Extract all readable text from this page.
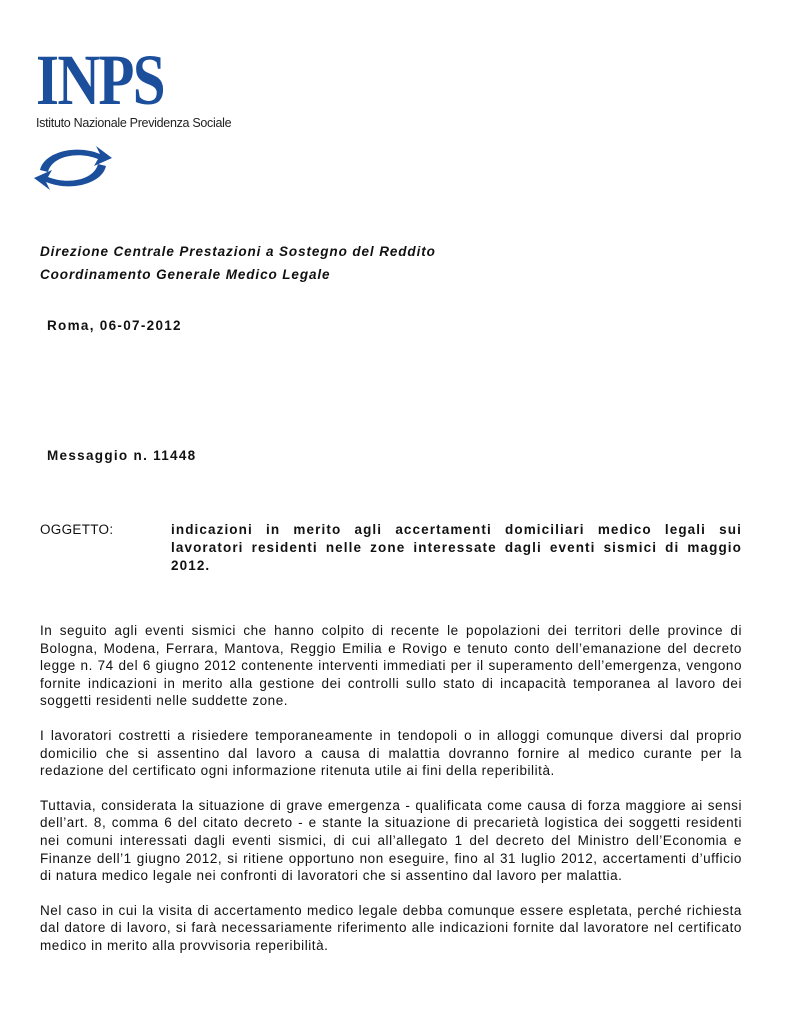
INPS
Istituto Nazionale Previdenza Sociale
Direzione Centrale Prestazioni a Sostegno del Reddito
Coordinamento Generale Medico Legale
Roma, 06-07-2012
Messaggio n. 11448
OGGETTO:	indicazioni in merito agli accertamenti domiciliari medico legali sui lavoratori residenti nelle zone interessate dagli eventi sismici di maggio 2012.

In seguito agli eventi sismici che hanno colpito di recente le popolazioni dei territori delle province di Bologna, Modena, Ferrara, Mantova, Reggio Emilia e Rovigo e tenuto conto dell’emanazione del decreto legge n. 74 del 6 giugno 2012 contenente interventi immediati per il superamento dell’emergenza, vengono fornite indicazioni in merito alla gestione dei controlli sullo stato di incapacità temporanea al lavoro dei soggetti residenti nelle suddette zone.

I lavoratori costretti a risiedere temporaneamente in tendopoli o in alloggi comunque diversi dal proprio domicilio che si assentino dal lavoro a causa di malattia dovranno fornire al medico curante per la redazione del certificato ogni informazione ritenuta utile ai fini della reperibilità.

Tuttavia, considerata la situazione di grave emergenza - qualificata come causa di forza maggiore ai sensi dell’art. 8, comma 6 del citato decreto - e stante la situazione di precarietà logistica dei soggetti residenti nei comuni interessati dagli eventi sismici, di cui all’allegato 1 del decreto del Ministro dell’Economia e Finanze dell’1 giugno 2012, si ritiene opportuno non eseguire, fino al 31 luglio 2012, accertamenti d’ufficio di natura medico legale nei confronti di lavoratori che si assentino dal lavoro per malattia.

Nel caso in cui la visita di accertamento medico legale debba comunque essere espletata, perché richiesta dal datore di lavoro, si farà necessariamente riferimento alle indicazioni fornite dal lavoratore nel certificato medico in merito alla provvisoria reperibilità.
